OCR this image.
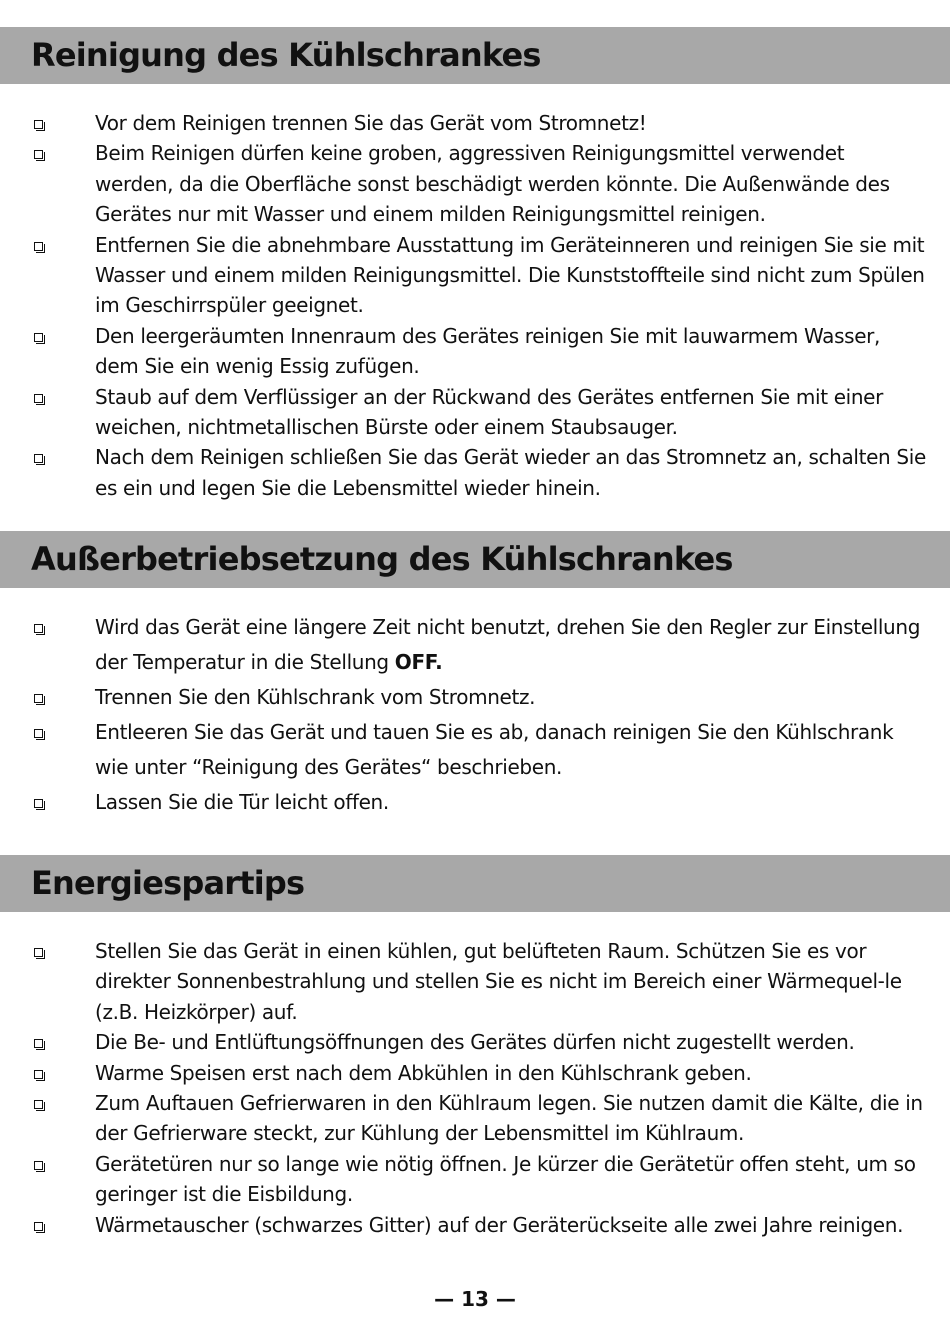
Reinigung des Kühlschrankes
Vor dem Reinigen trennen Sie das Gerät vom Stromnetz!
Beim Reinigen dürfen keine groben, aggressiven Reinigungsmittel verwendet werden, da die Oberfläche sonst beschädigt werden könnte. Die Außenwände des Gerätes nur mit Wasser und einem milden Reinigungsmittel reinigen.
Entfernen Sie die abnehmbare Ausstattung im Geräteinneren und reinigen Sie sie mit Wasser und einem milden Reinigungsmittel. Die Kunststoffteile sind nicht zum Spülen im Geschirrspüler geeignet.
Den leergeräumten Innenraum des Gerätes reinigen Sie mit lauwarmem Wasser, dem Sie ein wenig Essig zufügen.
Staub auf dem Verflüssiger an der Rückwand des Gerätes entfernen Sie mit einer weichen, nichtmetallischen Bürste oder einem Staubsauger.
Nach dem Reinigen schließen Sie das Gerät wieder an das Stromnetz an, schalten Sie es ein und legen Sie die Lebensmittel wieder hinein.
Außerbetriebsetzung des Kühlschrankes
Wird das Gerät eine längere Zeit nicht benutzt, drehen Sie den Regler zur Einstellung der Temperatur in die Stellung OFF.
Trennen Sie den Kühlschrank vom Stromnetz.
Entleeren Sie das Gerät und tauen Sie es ab, danach reinigen Sie den Kühlschrank wie unter “Reinigung des Gerätes“ beschrieben.
Lassen Sie die Tür leicht offen.
Energiespartips
Stellen Sie das Gerät in einen kühlen, gut belüfteten Raum. Schützen Sie es vor direkter Sonnenbestrahlung und stellen Sie es nicht im Bereich einer Wärmequel-le (z.B. Heizkörper) auf.
Die Be- und Entlüftungsöffnungen des Gerätes dürfen nicht zugestellt werden.
Warme Speisen erst nach dem Abkühlen in den Kühlschrank geben.
Zum Auftauen Gefrierwaren in den Kühlraum legen. Sie nutzen damit die Kälte, die in der Gefrierware steckt, zur Kühlung der Lebensmittel im Kühlraum.
Gerätetüren nur so lange wie nötig öffnen. Je kürzer die Gerätetür offen steht, um so geringer ist die Eisbildung.
Wärmetauscher (schwarzes Gitter) auf der Geräterückseite alle zwei Jahre reinigen.
— 13 —
